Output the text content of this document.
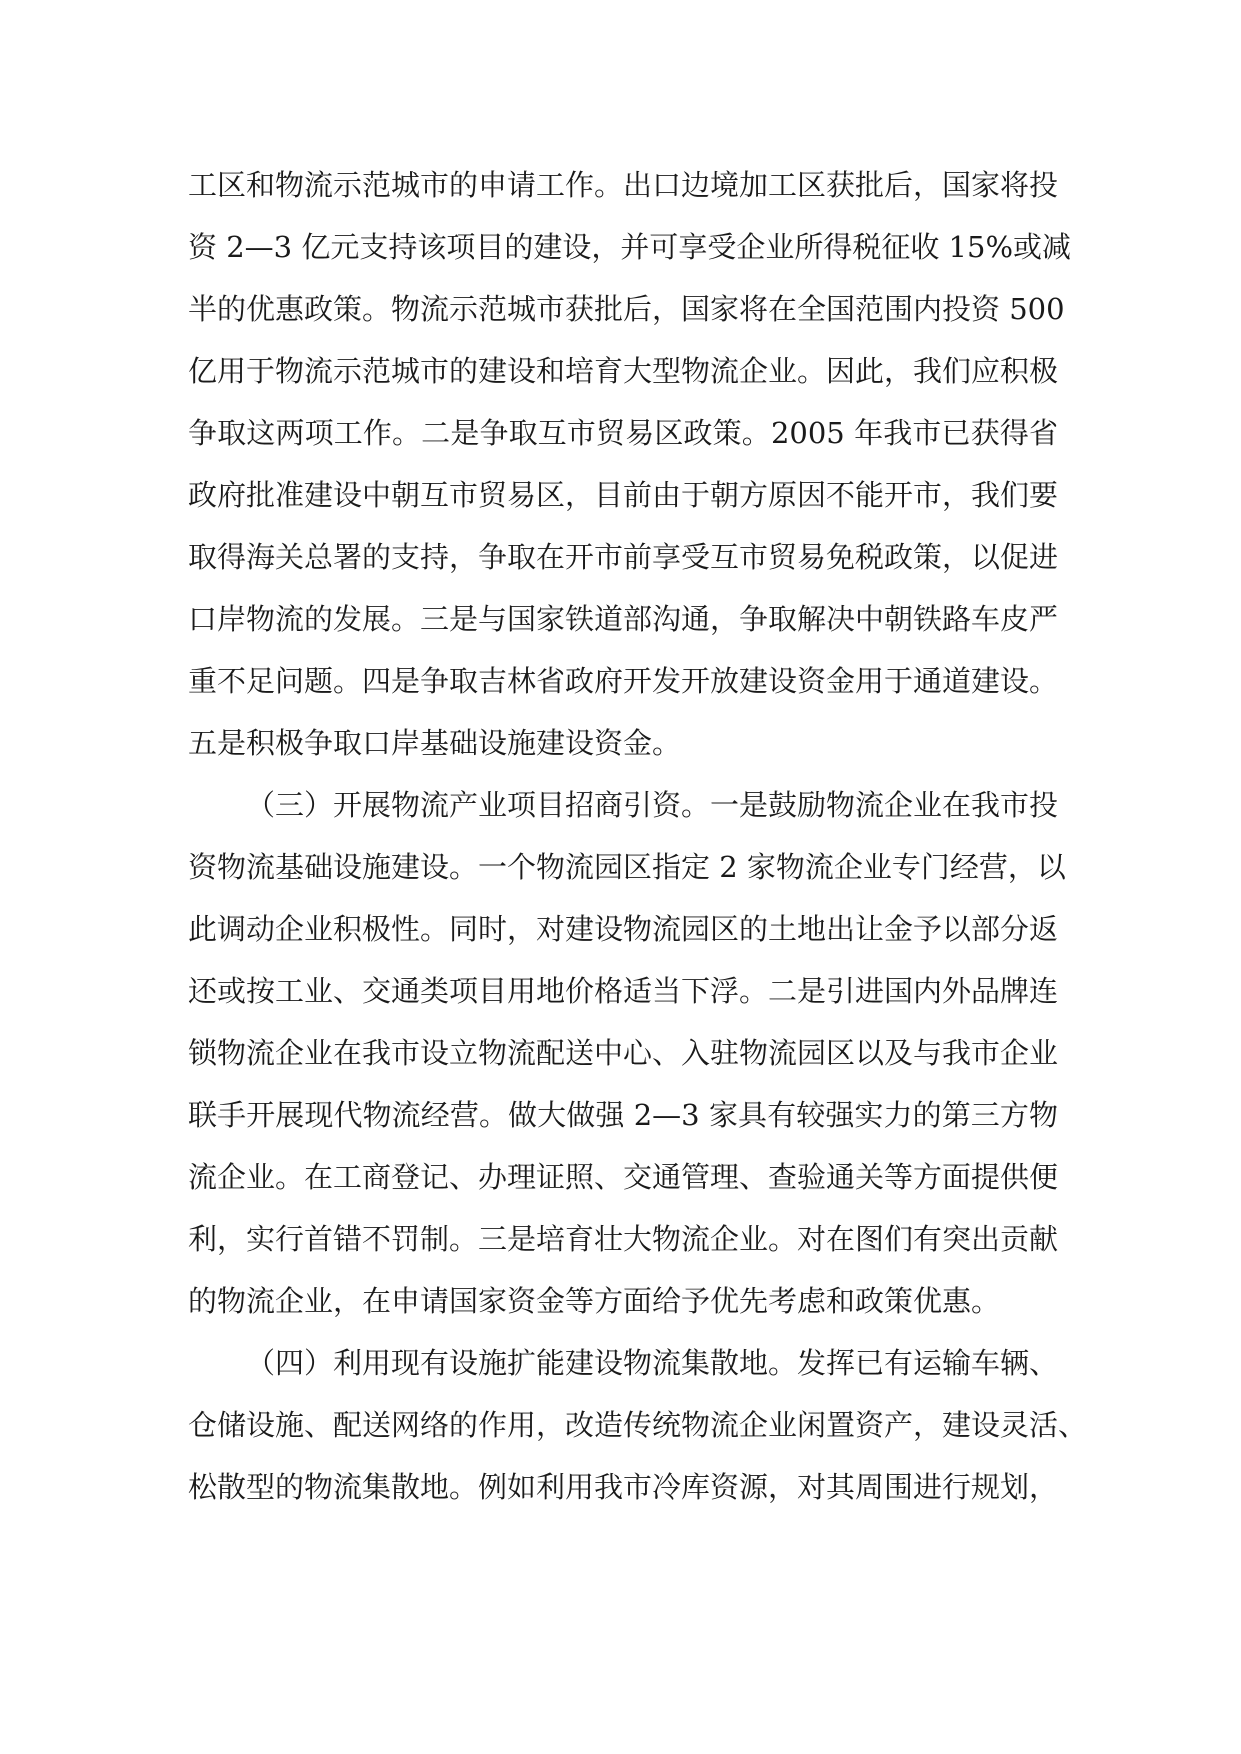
工区和物流示范城市的申请工作。出口边境加工区获批后，国家将投
资 2—3 亿元支持该项目的建设，并可享受企业所得税征收 15%或减
半的优惠政策。物流示范城市获批后，国家将在全国范围内投资 500
亿用于物流示范城市的建设和培育大型物流企业。因此，我们应积极
争取这两项工作。二是争取互市贸易区政策。2005 年我市已获得省
政府批准建设中朝互市贸易区，目前由于朝方原因不能开市，我们要
取得海关总署的支持，争取在开市前享受互市贸易免税政策，以促进
口岸物流的发展。三是与国家铁道部沟通，争取解决中朝铁路车皮严
重不足问题。四是争取吉林省政府开发开放建设资金用于通道建设。
五是积极争取口岸基础设施建设资金。
（三）开展物流产业项目招商引资。一是鼓励物流企业在我市投
资物流基础设施建设。一个物流园区指定 2 家物流企业专门经营，以
此调动企业积极性。同时，对建设物流园区的土地出让金予以部分返
还或按工业、交通类项目用地价格适当下浮。二是引进国内外品牌连
锁物流企业在我市设立物流配送中心、入驻物流园区以及与我市企业
联手开展现代物流经营。做大做强 2—3 家具有较强实力的第三方物
流企业。在工商登记、办理证照、交通管理、查验通关等方面提供便
利，实行首错不罚制。三是培育壮大物流企业。对在图们有突出贡献
的物流企业，在申请国家资金等方面给予优先考虑和政策优惠。
（四）利用现有设施扩能建设物流集散地。发挥已有运输车辆、
仓储设施、配送网络的作用，改造传统物流企业闲置资产，建设灵活、
松散型的物流集散地。例如利用我市冷库资源，对其周围进行规划，
